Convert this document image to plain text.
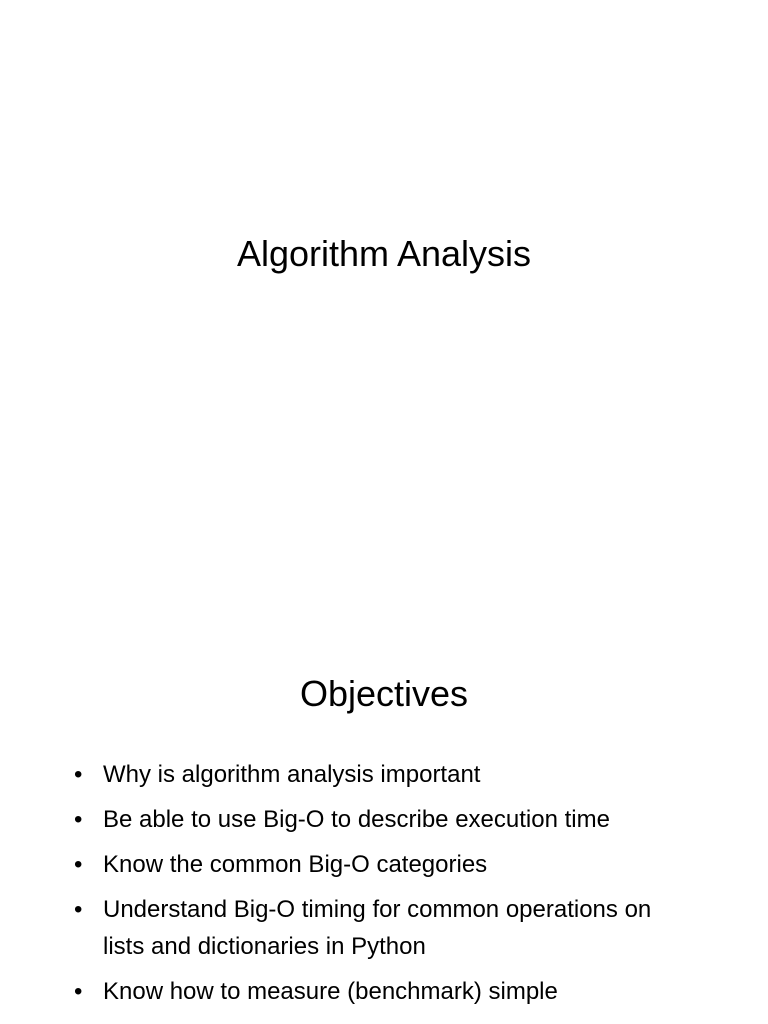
Algorithm Analysis
Objectives
• Why is algorithm analysis important
• Be able to use Big-O to describe execution time
• Know the common Big-O categories
• Understand Big-O timing for common operations on lists and dictionaries in Python
• Know how to measure (benchmark) simple
